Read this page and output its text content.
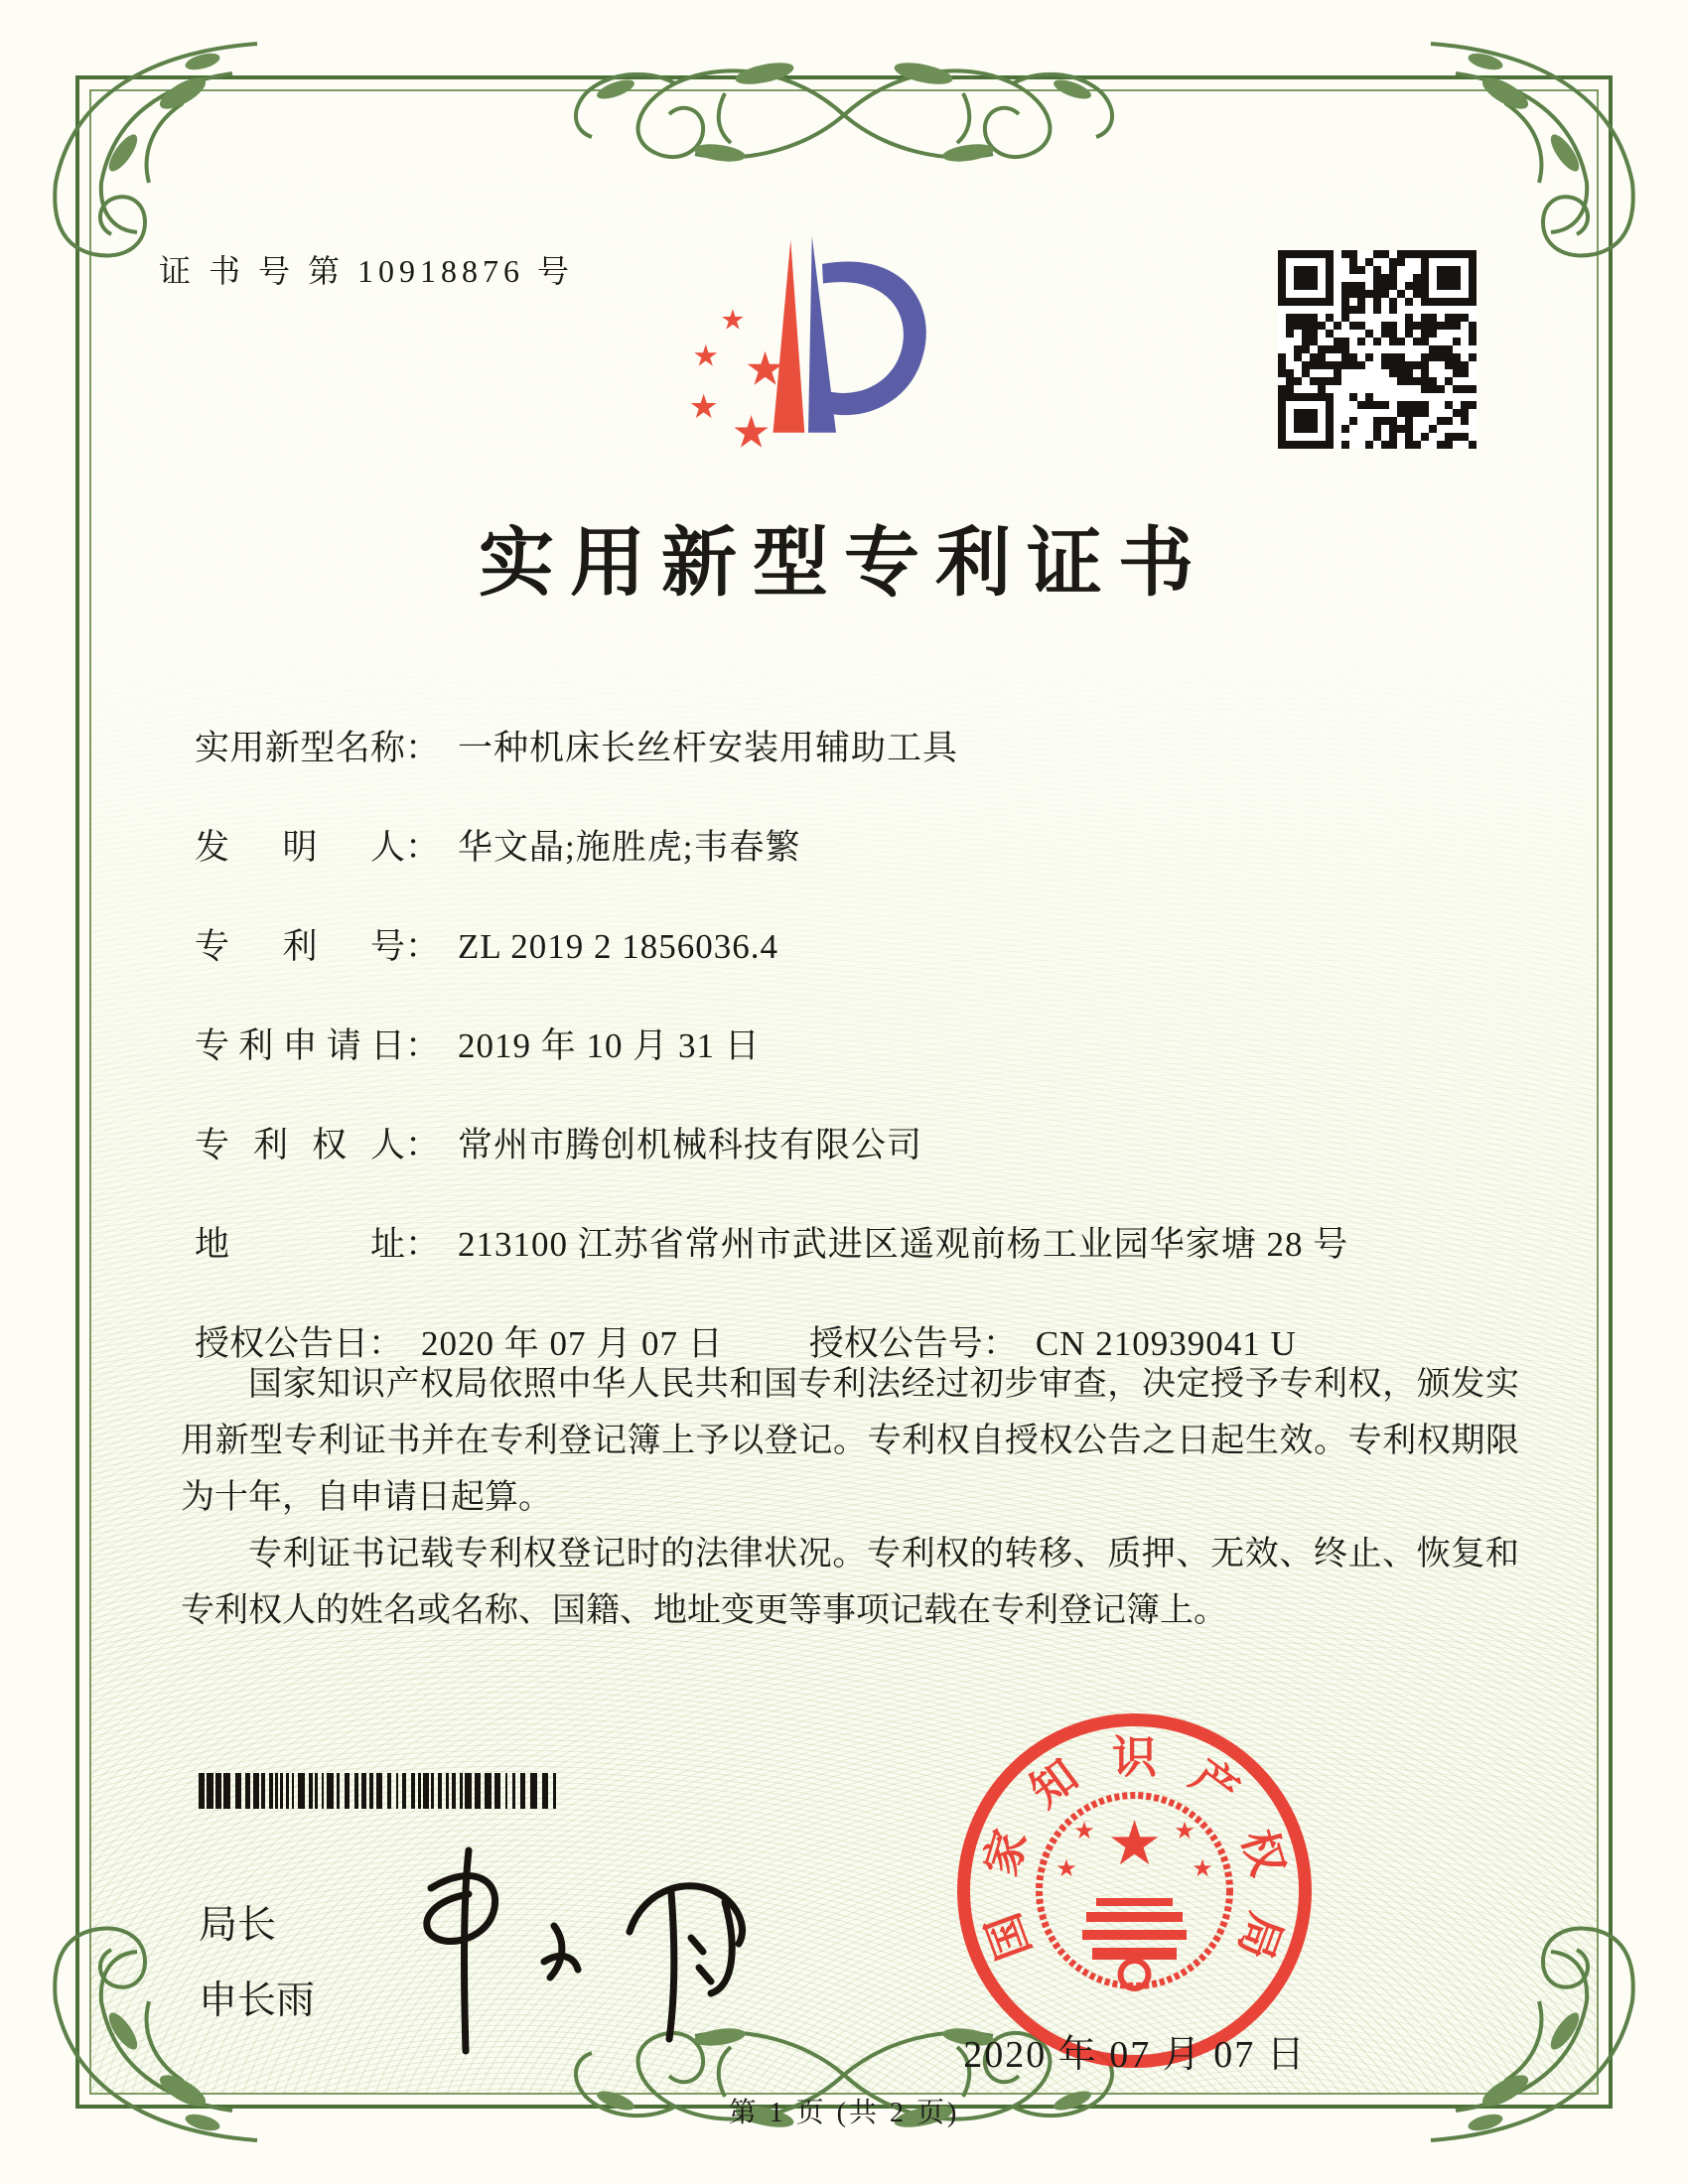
证 书 号 第 10918876 号
★
★ ★
★ ★
实用新型专利证书
实用新型名称： 一种机床长丝杆安装用辅助工具
发明人： 华文晶;施胜虎;韦春繁
专利号： ZL 2019 2 1856036.4
专利申请日： 2019 年 10 月 31 日
专利权人： 常州市腾创机械科技有限公司
地址： 213100 江苏省常州市武进区遥观前杨工业园华家塘 28 号
授权公告日： 2020 年 07 月 07 日 授权公告号： CN 210939041 U

国家知识产权局依照中华人民共和国专利法经过初步审查，决定授予专利权，颁发实用新型专利证书并在专利登记簿上予以登记。专利权自授权公告之日起生效。专利权期限为十年，自申请日起算。

专利证书记载专利权登记时的法律状况。专利权的转移、质押、无效、终止、恢复和专利权人的姓名或名称、国籍、地址变更等事项记载在专利登记簿上。

局长
申长雨
★
★
★
★
★
国
家
知 识 产
权
局
2020 年 07 月 07 日
第 1 页 (共 2 页)
